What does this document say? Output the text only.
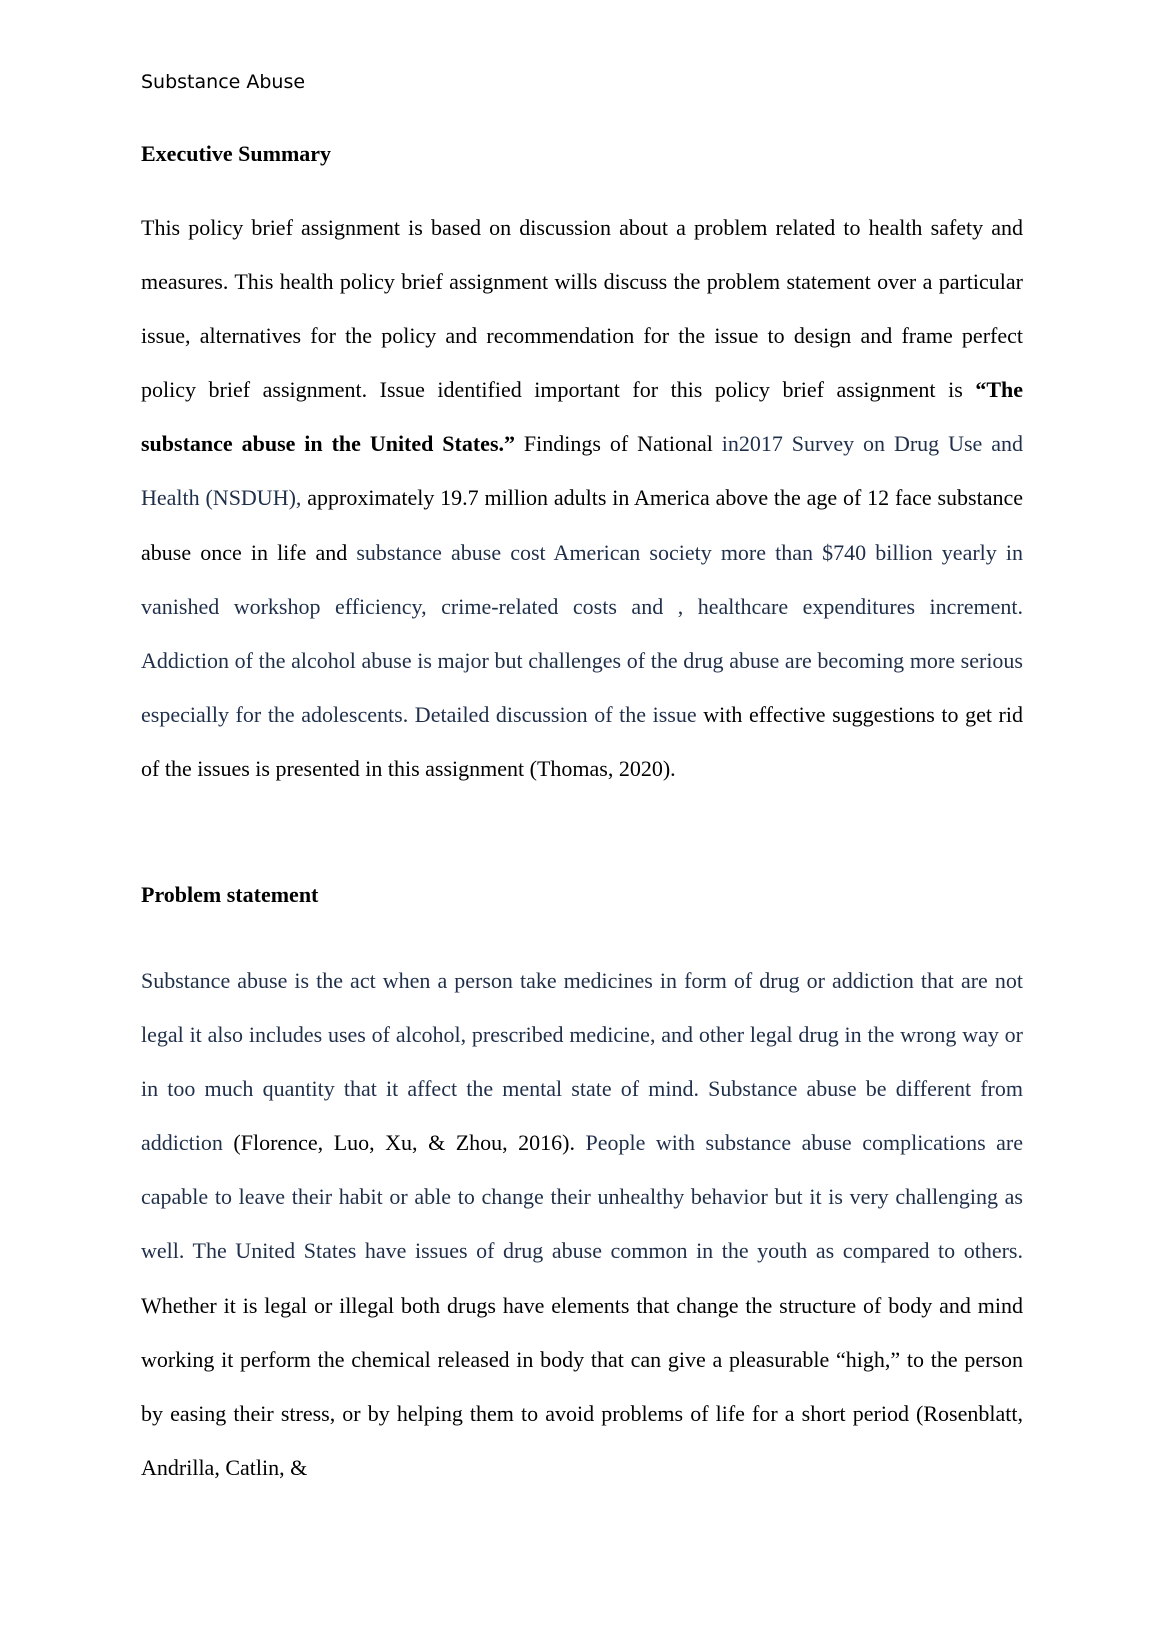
Substance Abuse
Executive Summary

This policy brief assignment is based on discussion about a problem related to health safety and measures. This health policy brief assignment wills discuss the problem statement over a particular issue, alternatives for the policy and recommendation for the issue to design and frame perfect policy brief assignment. Issue identified important for this policy brief assignment is “The substance abuse in the United States.” Findings of National in2017 Survey on Drug Use and Health (NSDUH), approximately 19.7 million adults in America above the age of 12 face substance abuse once in life and substance abuse cost American society more than $740 billion yearly in vanished workshop efficiency, crime-related costs and , healthcare expenditures increment. Addiction of the alcohol abuse is major but challenges of the drug abuse are becoming more serious especially for the adolescents. Detailed discussion of the issue with effective suggestions to get rid of the issues is presented in this assignment (Thomas, 2020).

Problem statement

Substance abuse is the act when a person take medicines in form of drug or addiction that are not legal it also includes uses of alcohol, prescribed medicine, and other legal drug in the wrong way or in too much quantity that it affect the mental state of mind. Substance abuse be different from addiction (Florence, Luo, Xu, & Zhou, 2016). People with substance abuse complications are capable to leave their habit or able to change their unhealthy behavior but it is very challenging as well. The United States have issues of drug abuse common in the youth as compared to others. Whether it is legal or illegal both drugs have elements that change the structure of body and mind working it perform the chemical released in body that can give a pleasurable “high,” to the person by easing their stress, or by helping them to avoid problems of life for a short period (Rosenblatt, Andrilla, Catlin, &
